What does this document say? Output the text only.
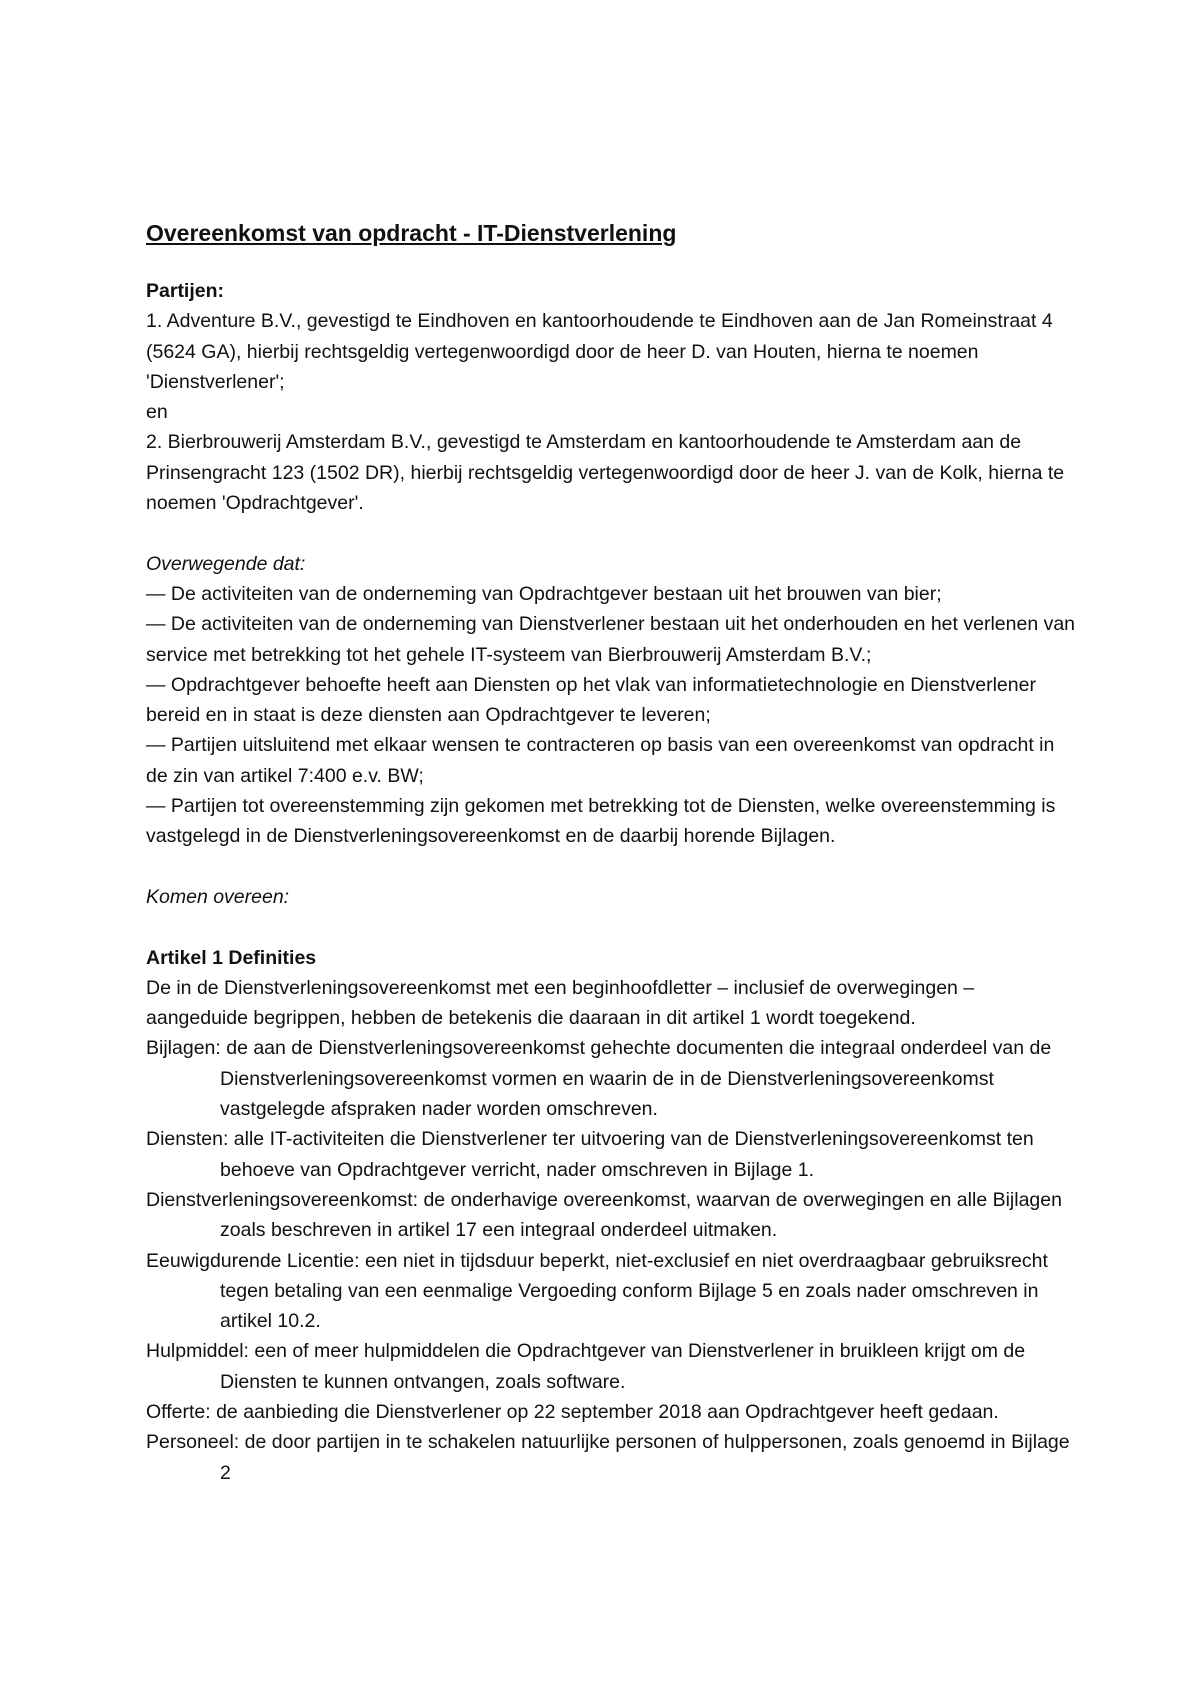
Overeenkomst van opdracht - IT-Dienstverlening

Partijen:

1. Adventure B.V., gevestigd te Eindhoven en kantoorhoudende te Eindhoven aan de Jan Romeinstraat 4 (5624 GA), hierbij rechtsgeldig vertegenwoordigd door de heer D. van Houten, hierna te noemen 'Dienstverlener';

en

2. Bierbrouwerij Amsterdam B.V., gevestigd te Amsterdam en kantoorhoudende te Amsterdam aan de Prinsengracht 123 (1502 DR), hierbij rechtsgeldig vertegenwoordigd door de heer J. van de Kolk, hierna te noemen 'Opdrachtgever'.

Overwegende dat:

— De activiteiten van de onderneming van Opdrachtgever bestaan uit het brouwen van bier;

— De activiteiten van de onderneming van Dienstverlener bestaan uit het onderhouden en het verlenen van service met betrekking tot het gehele IT-systeem van Bierbrouwerij Amsterdam B.V.;

— Opdrachtgever behoefte heeft aan Diensten op het vlak van informatietechnologie en Dienstverlener bereid en in staat is deze diensten aan Opdrachtgever te leveren;

— Partijen uitsluitend met elkaar wensen te contracteren op basis van een overeenkomst van opdracht in de zin van artikel 7:400 e.v. BW;

— Partijen tot overeenstemming zijn gekomen met betrekking tot de Diensten, welke overeenstemming is vastgelegd in de Dienstverleningsovereenkomst en de daarbij horende Bijlagen.

Komen overeen:

Artikel 1 Definities

De in de Dienstverleningsovereenkomst met een beginhoofdletter – inclusief de overwegingen – aangeduide begrippen, hebben de betekenis die daaraan in dit artikel 1 wordt toegekend.

Bijlagen: de aan de Dienstverleningsovereenkomst gehechte documenten die integraal onderdeel van de Dienstverleningsovereenkomst vormen en waarin de in de Dienstverleningsovereenkomst vastgelegde afspraken nader worden omschreven.

Diensten: alle IT-activiteiten die Dienstverlener ter uitvoering van de Dienstverleningsovereenkomst ten behoeve van Opdrachtgever verricht, nader omschreven in Bijlage 1.

Dienstverleningsovereenkomst: de onderhavige overeenkomst, waarvan de overwegingen en alle Bijlagen zoals beschreven in artikel 17 een integraal onderdeel uitmaken.

Eeuwigdurende Licentie: een niet in tijdsduur beperkt, niet-exclusief en niet overdraagbaar gebruiksrecht tegen betaling van een eenmalige Vergoeding conform Bijlage 5 en zoals nader omschreven in artikel 10.2.

Hulpmiddel: een of meer hulpmiddelen die Opdrachtgever van Dienstverlener in bruikleen krijgt om de Diensten te kunnen ontvangen, zoals software.

Offerte: de aanbieding die Dienstverlener op 22 september 2018 aan Opdrachtgever heeft gedaan.

Personeel: de door partijen in te schakelen natuurlijke personen of hulppersonen, zoals genoemd in Bijlage 2
